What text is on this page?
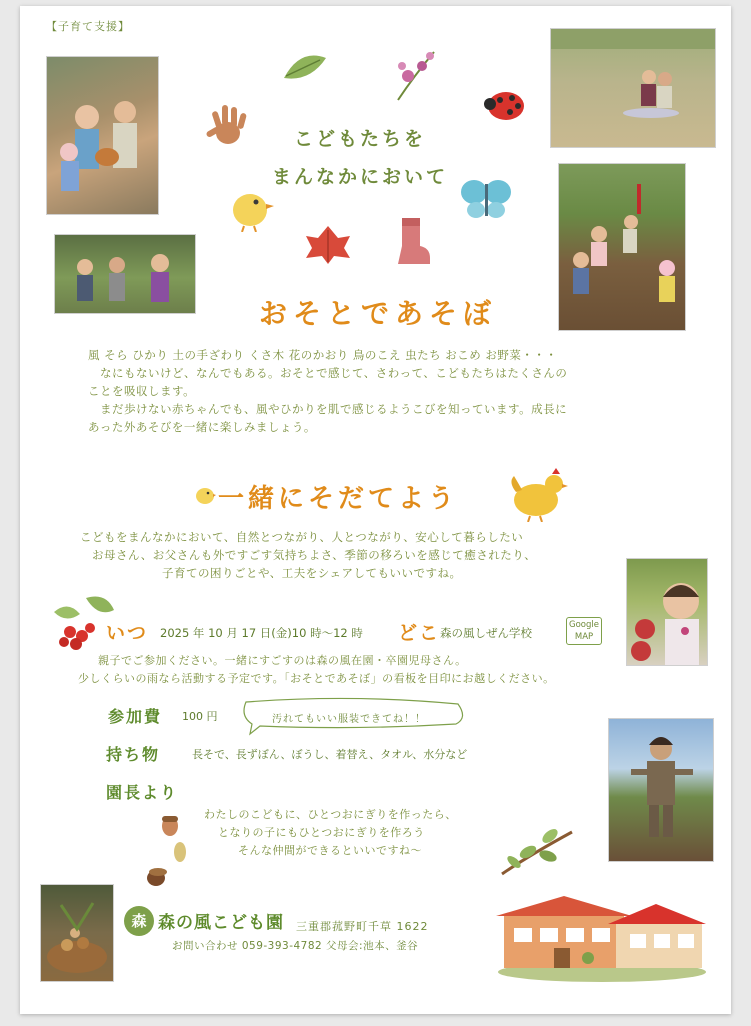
【子育て支援】
こどもたちを
まんなかにおいて
おそとであそぼ
風 そら ひかり 土の手ざわり くさ木 花のかおり 鳥のこえ 虫たち おこめ お野菜・・・
なにもないけど、なんでもある。おそとで感じて、さわって、こどもたちはたくさんの
ことを吸収します。
まだ歩けない赤ちゃんでも、風やひかりを肌で感じるようこびを知っています。成長に
あった外あそびを一緒に楽しみましょう。
一緒にそだてよう
こどもをまんなかにおいて、自然とつながり、人とつながり、安心して暮らしたい
お母さん、お父さんも外ですごす気持ちよさ、季節の移ろいを感じて癒されたり、
子育ての困りごとや、工夫をシェアしてもいいですね。
いつ 2025 年 10 月 17 日(金)10 時〜12 時 どこ 森の風しぜん学校
Google MAP
親子でご参加ください。一緒にすごすのは森の風在園・卒園児母さん。
少しくらいの雨なら活動する予定です。「おそとであそぼ」の看板を目印にお越しください。
参加費 100 円	汚れてもいい服装できてね！！
持ち物	長そで、長ずぼん、ぼうし、着替え、タオル、水分など
園長より
わたしのこどもに、ひとつおにぎりを作ったら、
となりの子にもひとつおにぎりを作ろう
そんな仲間ができるといいですね〜
森 森の風こども園 三重郡菰野町千草 1622
お問い合わせ 059-393-4782 父母会:池本、釜谷
